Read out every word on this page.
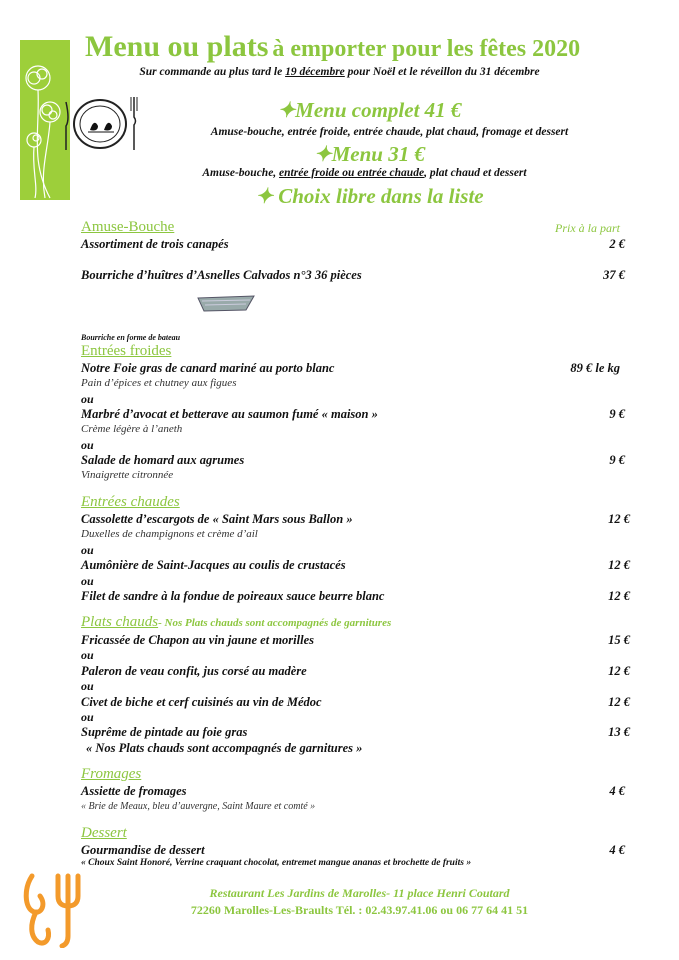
Menu ou plats à emporter pour les fêtes 2020
Sur commande au plus tard le 19 décembre pour Noël et le réveillon du 31 décembre
✦Menu complet 41 €
Amuse-bouche, entrée froide, entrée chaude, plat chaud, fromage et dessert
✦Menu 31 €
Amuse-bouche, entrée froide ou entrée chaude, plat chaud et dessert
✦ Choix libre dans la liste
Amuse-Bouche	Prix à la part
Assortiment de trois canapés	2 €
Bourriche d’huîtres d’Asnelles Calvados n°3 36 pièces	37 €
Bourriche en forme de bateau
Entrées froides
Notre Foie gras de canard mariné au porto blanc	89 € le kg
Pain d’épices et chutney aux figues
ou
Marbré d’avocat et betterave au saumon fumé « maison »	9 €
Crème légère à l’aneth
ou
Salade de homard aux agrumes	9 €
Vinaigrette citronnée
Entrées chaudes
Cassolette d’escargots de « Saint Mars sous Ballon »	12 €
Duxelles de champignons et crème d’ail
ou
Aumônière de Saint-Jacques au coulis de crustacés	12 €
ou
Filet de sandre à la fondue de poireaux sauce beurre blanc	12 €
Plats chauds- Nos Plats chauds sont accompagnés de garnitures
Fricassée de Chapon au vin jaune et morilles	15 €
ou
Paleron de veau confit, jus corsé au madère	12 €
ou
Civet de biche et cerf cuisinés au vin de Médoc	12 €
ou
Suprême de pintade au foie gras	13 €
« Nos Plats chauds sont accompagnés de garnitures »
Fromages
Assiette de fromages	4 €
« Brie de Meaux, bleu d’auvergne, Saint Maure et comté »
Dessert
Gourmandise de dessert	4 €
« Choux Saint Honoré, Verrine craquant chocolat, entremet mangue ananas et brochette de fruits »
Restaurant Les Jardins de Marolles- 11 place Henri Coutard
72260 Marolles-Les-Braults Tél. : 02.43.97.41.06 ou 06 77 64 41 51
